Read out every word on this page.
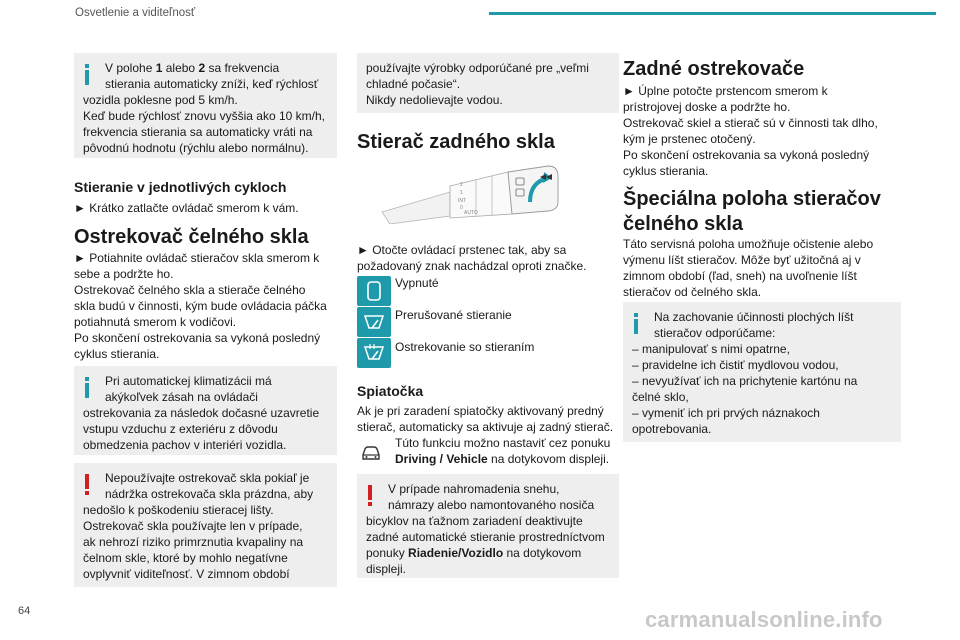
Osvetlenie a viditeľnosť
V polohe 1 alebo 2 sa frekvencia
stierania automaticky zníži, keď rýchlosť
vozidla poklesne pod 5 km/h.
Keď bude rýchlosť znovu vyššia ako 10 km/h,
frekvencia stierania sa automaticky vráti na
pôvodnú hodnotu (rýchlu alebo normálnu).
Stieranie v jednotlivých cykloch
► Krátko zatlačte ovládač smerom k vám.
Ostrekovač čelného skla
► Potiahnite ovládač stieračov skla smerom k
sebe a podržte ho.
Ostrekovač čelného skla a stierače čelného
skla budú v činnosti, kým bude ovládacia páčka
potiahnutá smerom k vodičovi.
Po skončení ostrekovania sa vykoná posledný
cyklus stierania.
Pri automatickej klimatizácii má
akýkoľvek zásah na ovládači
ostrekovania za následok dočasné uzavretie
vstupu vzduchu z exteriéru z dôvodu
obmedzenia pachov v interiéri vozidla.
Nepoužívajte ostrekovač skla pokiaľ je
nádržka ostrekovača skla prázdna, aby
nedošlo k poškodeniu stieracej lišty.
Ostrekovač skla používajte len v prípade,
ak nehrozí riziko primrznutia kvapaliny na
čelnom skle, ktoré by mohlo negatívne
ovplyvniť viditeľnosť. V zimnom období
používajte výrobky odporúčané pre „veľmi
chladné počasie“.
Nikdy nedolievajte vodou.
Stierač zadného skla
2
1
INT
0
AUTO
► Otočte ovládací prstenec tak, aby sa
požadovaný znak nachádzal oproti značke.
Vypnuté
Prerušované stieranie
Ostrekovanie so stieraním
Spiatočka
Ak je pri zaradení spiatočky aktivovaný predný
stierač, automaticky sa aktivuje aj zadný stierač.
Túto funkciu možno nastaviť cez ponuku
Driving / Vehicle na dotykovom displeji.
V prípade nahromadenia snehu,
námrazy alebo namontovaného nosiča
bicyklov na ťažnom zariadení deaktivujte
zadné automatické stieranie prostredníctvom
ponuky Riadenie/Vozidlo na dotykovom
displeji.
Zadné ostrekovače
► Úplne potočte prstencom smerom k
prístrojovej doske a podržte ho.
Ostrekovač skiel a stierač sú v činnosti tak dlho,
kým je prstenec otočený.
Po skončení ostrekovania sa vykoná posledný
cyklus stierania.
Špeciálna poloha stieračov
čelného skla
Táto servisná poloha umožňuje očistenie alebo
výmenu líšt stieračov. Môže byť užitočná aj v
zimnom období (ľad, sneh) na uvoľnenie líšt
stieračov od čelného skla.
Na zachovanie účinnosti plochých líšt
stieračov odporúčame:
– manipulovať s nimi opatrne,
– pravidelne ich čistiť mydlovou vodou,
– nevyužívať ich na prichytenie kartónu na
čelné sklo,
– vymeniť ich pri prvých náznakoch
opotrebovania.
64	carmanualsonline.info
